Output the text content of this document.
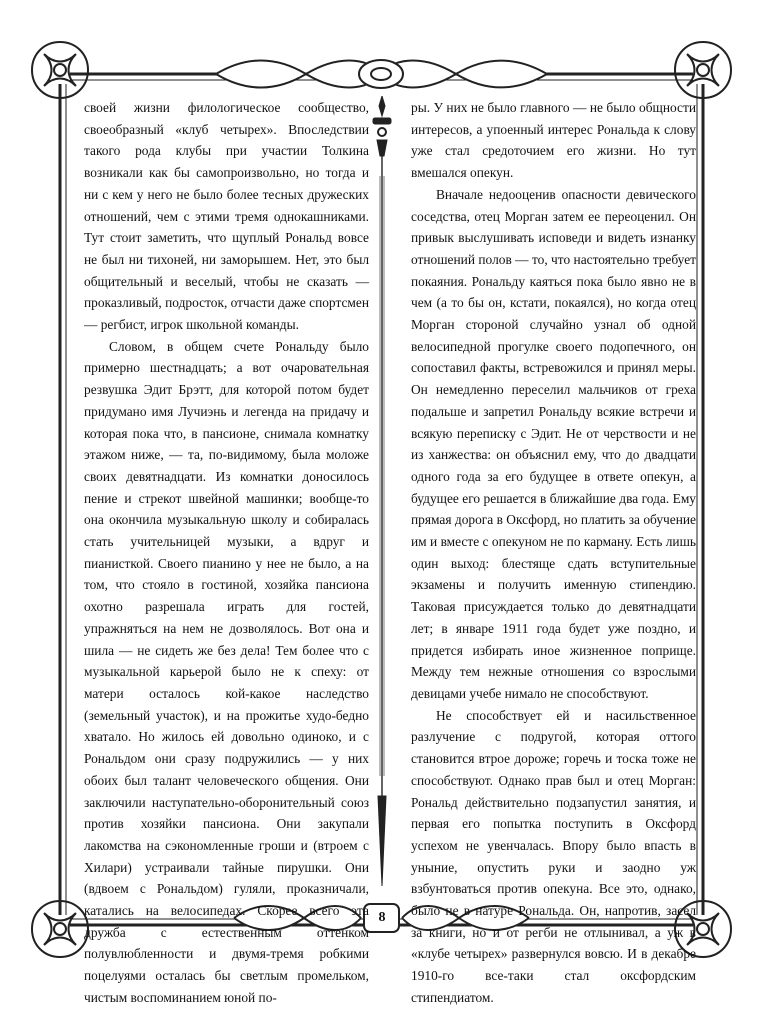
8

своей жизни филологическое сообщество, своеобразный «клуб четырех». Впоследствии такого рода клубы при участии Толкина возникали как бы самопроизвольно, но тогда и ни с кем у него не было более тесных дружеских отношений, чем с этими тремя однокашниками. Тут стоит заметить, что щуплый Рональд вовсе не был ни тихоней, ни заморышем. Нет, это был общительный и веселый, чтобы не сказать — проказливый, подросток, отчасти даже спортсмен — регбист, игрок школьной команды.

Словом, в общем счете Рональду было примерно шестнадцать; а вот очаровательная резвушка Эдит Брэтт, для которой потом будет придумано имя Лучиэнь и легенда на придачу и которая пока что, в пансионе, снимала комнатку этажом ниже, — та, по-видимому, была моложе своих девятнадцати. Из комнатки доносилось пение и стрекот швейной машинки; вообще-то она окончила музыкальную школу и собиралась стать учительницей музыки, а вдруг и пианисткой. Своего пианино у нее не было, а на том, что стояло в гостиной, хозяйка пансиона охотно разрешала играть для гостей, упражняться на нем не дозволялось. Вот она и шила — не сидеть же без дела! Тем более что с музыкальной карьерой было не к спеху: от матери осталось кой-какое наследство (земельный участок), и на прожитье худо-бедно хватало. Но жилось ей довольно одиноко, и с Рональдом они сразу подружились — у них обоих был талант человеческого общения. Они заключили наступательно-оборонительный союз против хозяйки пансиона. Они закупали лакомства на сэкономленные гроши и (втроем с Хилари) устраивали тайные пирушки. Они (вдвоем с Рональдом) гуляли, проказничали, катались на велосипедах. Скорее всего эта дружба с естественным оттенком полувлюбленности и двумя-тремя робкими поцелуями осталась бы светлым промельком, чистым воспоминанием юной по-

ры. У них не было главного — не было общности интересов, а упоенный интерес Рональда к слову уже стал средоточием его жизни. Но тут вмешался опекун.

Вначале недооценив опасности девического соседства, отец Морган затем ее переоценил. Он привык выслушивать исповеди и видеть изнанку отношений полов — то, что настоятельно требует покаяния. Рональду каяться пока было явно не в чем (а то бы он, кстати, покаялся), но когда отец Морган стороной случайно узнал об одной велосипедной прогулке своего подопечного, он сопоставил факты, встревожился и принял меры. Он немедленно переселил мальчиков от греха подальше и запретил Рональду всякие встречи и всякую переписку с Эдит. Не от черствости и не из ханжества: он объяснил ему, что до двадцати одного года за его будущее в ответе опекун, а будущее его решается в ближайшие два года. Ему прямая дорога в Оксфорд, но платить за обучение им и вместе с опекуном не по карману. Есть лишь один выход: блестяще сдать вступительные экзамены и получить именную стипендию. Таковая присуждается только до девятнадцати лет; в январе 1911 года будет уже поздно, и придется избирать иное жизненное поприще. Между тем нежные отношения со взрослыми девицами учебе нимало не способствуют.

Не способствует ей и насильственное разлучение с подругой, которая оттого становится втрое дороже; горечь и тоска тоже не способствуют. Однако прав был и отец Морган: Рональд действительно подзапустил занятия, и первая его попытка поступить в Оксфорд успехом не увенчалась. Впору было впасть в уныние, опустить руки и заодно уж взбунтоваться против опекуна. Все это, однако, было не в натуре Рональда. Он, напротив, засел за книги, но и от регби не отлынивал, а уж в «клубе четырех» развернулся вовсю. И в декабре 1910-го все-таки стал оксфордским стипендиатом.
